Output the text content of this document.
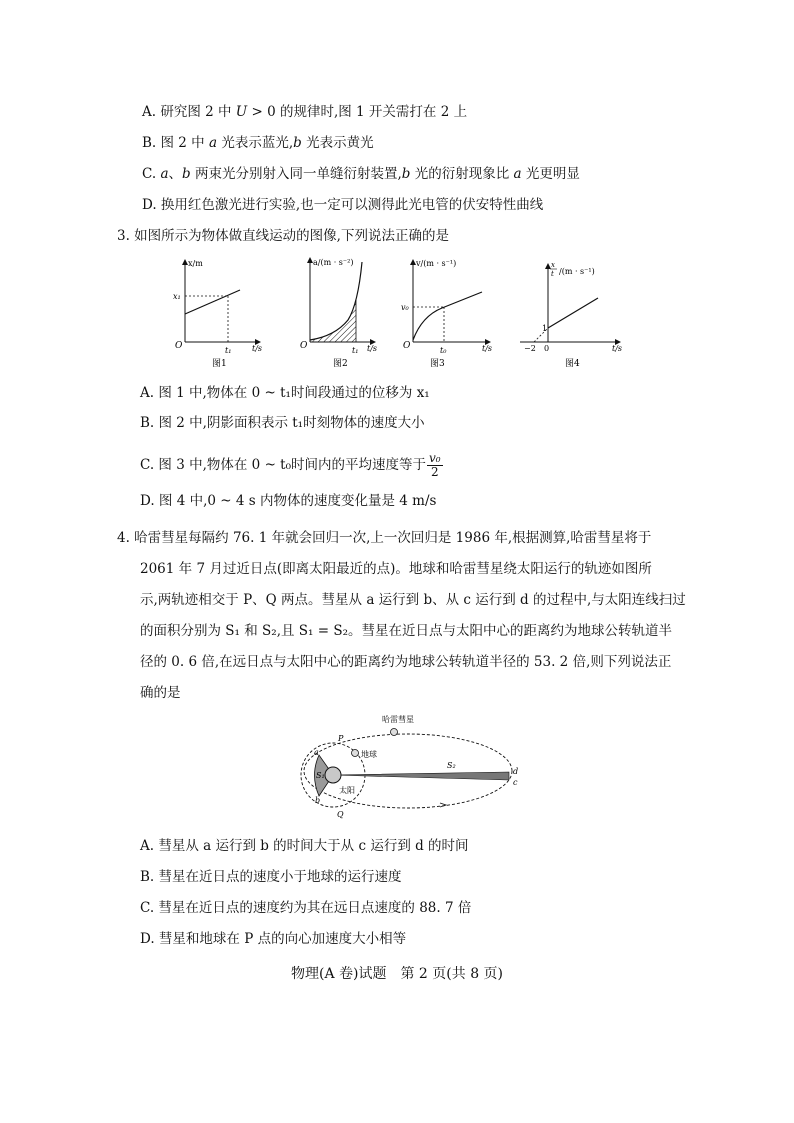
A. 研究图 2 中 U > 0 的规律时,图 1 开关需打在 2 上
B. 图 2 中 a 光表示蓝光,b 光表示黄光
C. a、b 两束光分别射入同一单缝衍射装置,b 光的衍射现象比 a 光更明显
D. 换用红色激光进行实验,也一定可以测得此光电管的伏安特性曲线
3. 如图所示为物体做直线运动的图像,下列说法正确的是
x/m
t/s
x₁
t₁
O
图1
a/(m · s⁻²)
t/s
t₁
O
图2
v/(m · s⁻¹)
t/s
v₀
t₀
O
图3
x
t /(m · s⁻¹)
t/s
1
−2 0
图4
A. 图 1 中,物体在 0 ~ t₁时间段通过的位移为 x₁
B. 图 2 中,阴影面积表示 t₁时刻物体的速度大小
C. 图 3 中,物体在 0 ~ t₀时间内的平均速度等于 $\frac{\text{v₀}}{2}$
D. 图 4 中,0 ~ 4 s 内物体的速度变化量是 4 m/s
4. 哈雷彗星每隔约 76. 1 年就会回归一次,上一次回归是 1986 年,根据测算,哈雷彗星将于
2061 年 7 月过近日点(即离太阳最近的点)。地球和哈雷彗星绕太阳运行的轨迹如图所
示,两轨迹相交于 P、Q 两点。彗星从 a 运行到 b、从 c 运行到 d 的过程中,与太阳连线扫过
的面积分别为 S₁ 和 S₂,且 S₁ = S₂。彗星在近日点与太阳中心的距离约为地球公转轨道半
径的 0. 6 倍,在远日点与太阳中心的距离约为地球公转轨道半径的 53. 2 倍,则下列说法正
确的是
哈雷彗星
地球
太阳
P
Q
a
b
c
d
S₁
S₂
A. 彗星从 a 运行到 b 的时间大于从 c 运行到 d 的时间
B. 彗星在近日点的速度小于地球的运行速度
C. 彗星在近日点的速度约为其在远日点速度的 88. 7 倍
D. 彗星和地球在 P 点的向心加速度大小相等
物理(A 卷)试题　第 2 页(共 8 页)
